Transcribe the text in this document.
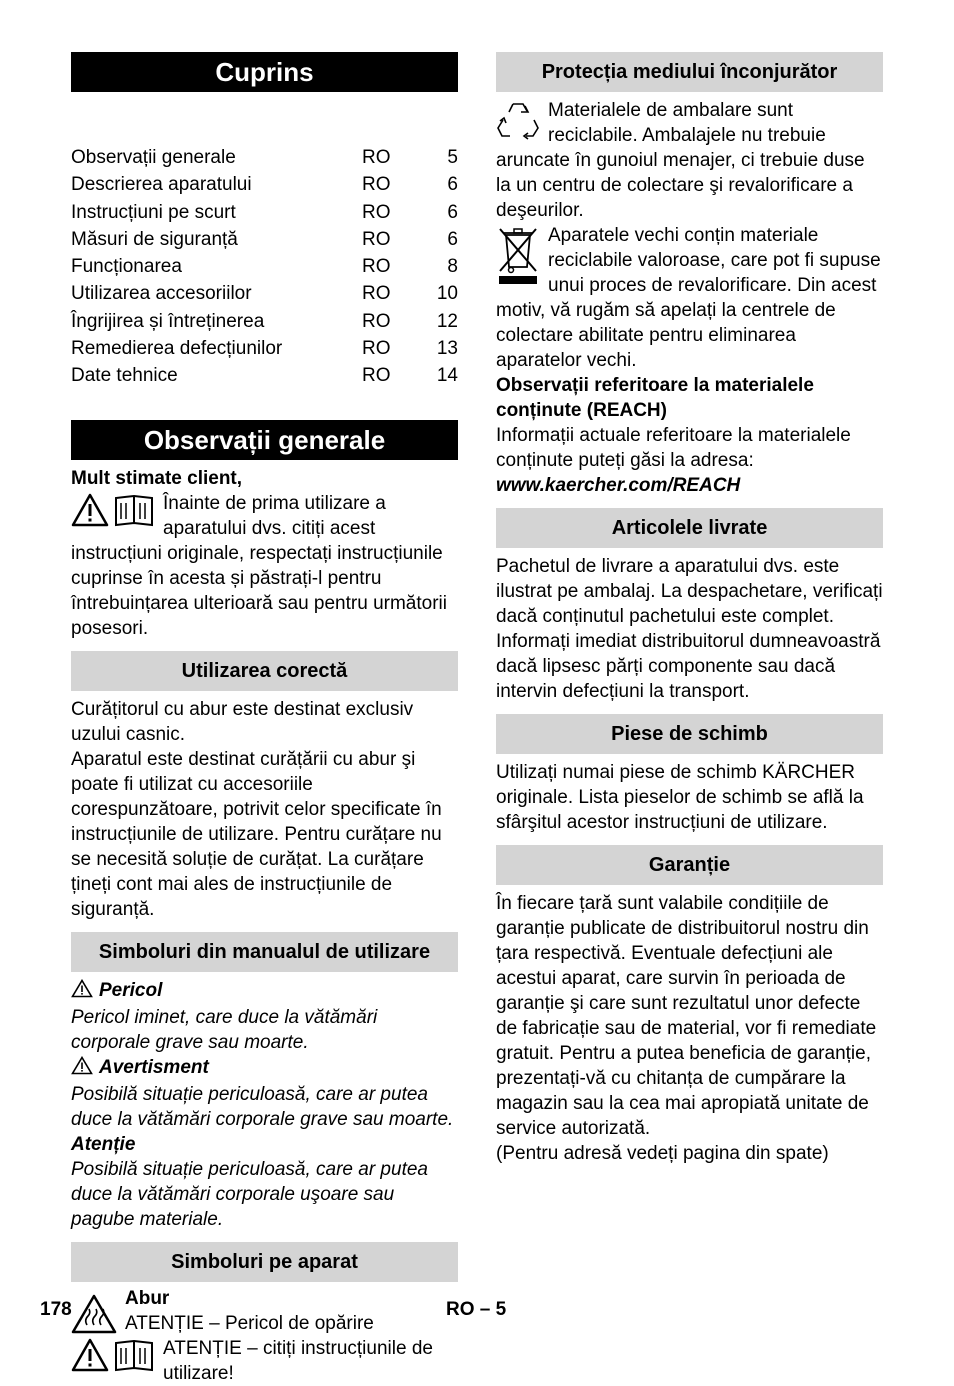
Cuprins
Observații generale	RO	5
Descrierea aparatului	RO	6
Instrucțiuni pe scurt	RO	6
Măsuri de siguranță	RO	6
Funcționarea	RO	8
Utilizarea accesoriilor	RO	10
Îngrijirea și întreținerea	RO	12
Remedierea defecțiunilor	RO	13
Date tehnice	RO	14
Observații generale

Mult stimate client,

Înainte de prima utilizare a aparatului dvs. citiți acest instrucțiuni originale, respectați instrucțiunile cuprinse în acesta și păstrați-l pentru întrebuințarea ulterioară sau pentru următorii posesori.

Utilizarea corectă

Curățitorul cu abur este destinat exclusiv uzului casnic.

Aparatul este destinat curățării cu abur şi poate fi utilizat cu accesoriile corespunzătoare, potrivit celor specificate în instrucțiunile de utilizare. Pentru curățare nu se necesită soluție de curățat. La curățare țineți cont mai ales de instrucțiunile de siguranță.

Simboluri din manualul de utilizare

Pericol

Pericol iminet, care duce la vătămări corporale grave sau moarte.

Avertisment

Posibilă situație periculoasă, care ar putea duce la vătămări corporale grave sau moarte.

Atenție

Posibilă situație periculoasă, care ar putea duce la vătămări corporale uşoare sau pagube materiale.

Simboluri pe aparat

Abur

ATENȚIE – Pericol de opărire

ATENȚIE – citiți instrucțiunile de utilizare!

Protecția mediului înconjurător

Materialele de ambalare sunt reciclabile. Ambalajele nu trebuie aruncate în gunoiul menajer, ci trebuie duse la un centru de colectare şi revalorificare a deşeurilor.

Aparatele vechi conțin materiale reciclabile valoroase, care pot fi supuse unui proces de revalorificare. Din acest motiv, vă rugăm să apelați la centrele de colectare abilitate pentru eliminarea aparatelor vechi.

Observații referitoare la materialele conținute (REACH)

Informații actuale referitoare la materialele conținute puteți găsi la adresa:

www.kaercher.com/REACH

Articolele livrate

Pachetul de livrare a aparatului dvs. este ilustrat pe ambalaj. La despachetare, verificați dacă conținutul pachetului este complet. Informați imediat distribuitorul dumneavoastră dacă lipsesc părți componente sau dacă intervin defecțiuni la transport.

Piese de schimb

Utilizați numai piese de schimb KÄRCHER originale. Lista pieselor de schimb se află la sfârşitul acestor instrucțiuni de utilizare.

Garanție

În fiecare țară sunt valabile condițiile de garanție publicate de distribuitorul nostru din țara respectivă. Eventuale defecțiuni ale acestui aparat, care survin în perioada de garanție şi care sunt rezultatul unor defecte de fabricație sau de material, vor fi remediate gratuit. Pentru a putea beneficia de garanție, prezentați-vă cu chitanța de cumpărare la magazin sau la cea mai apropiată unitate de service autorizată.

(Pentru adresă vedeți pagina din spate)

178	RO – 5
